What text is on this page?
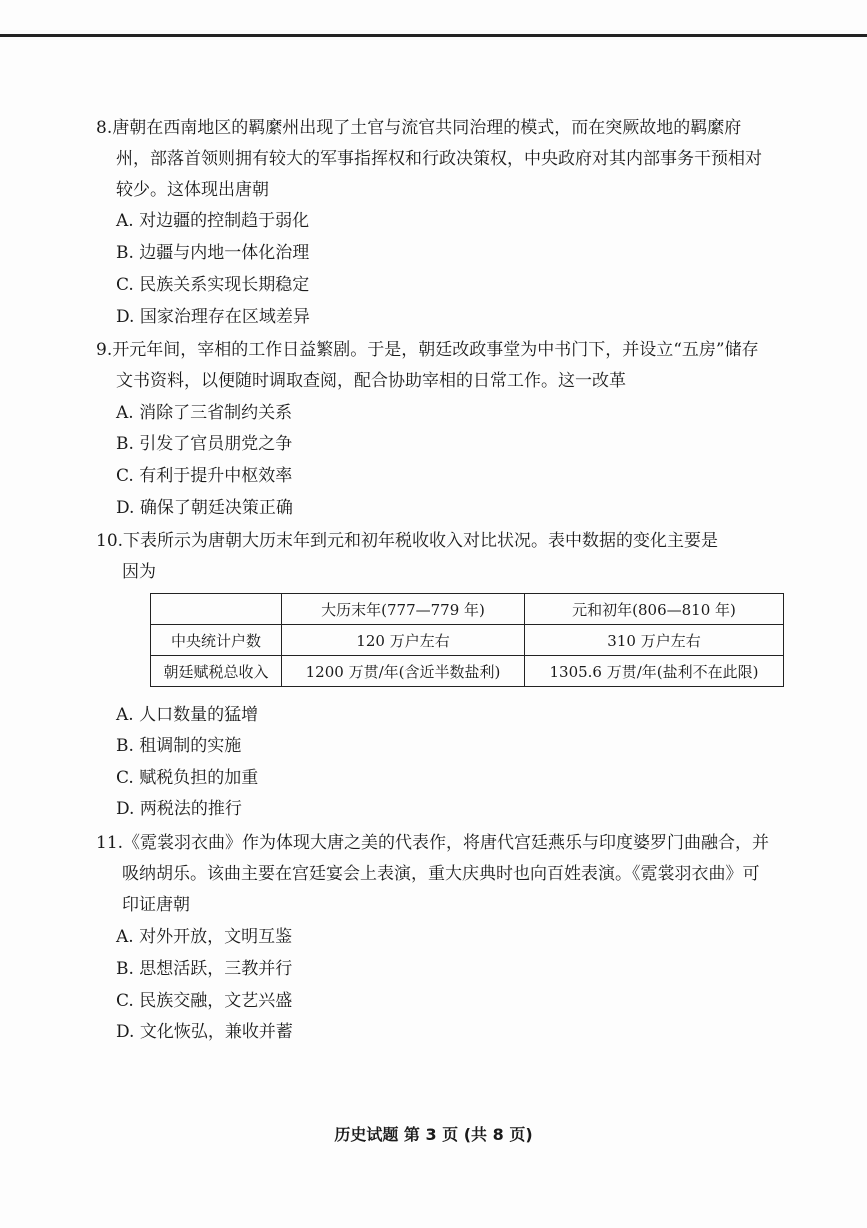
8.唐朝在西南地区的羁縻州出现了土官与流官共同治理的模式，而在突厥故地的羁縻府
州，部落首领则拥有较大的军事指挥权和行政决策权，中央政府对其内部事务干预相对
较少。这体现出唐朝
A. 对边疆的控制趋于弱化
B. 边疆与内地一体化治理
C. 民族关系实现长期稳定
D. 国家治理存在区域差异
9.开元年间，宰相的工作日益繁剧。于是，朝廷改政事堂为中书门下，并设立“五房”储存
文书资料，以便随时调取查阅，配合协助宰相的日常工作。这一改革
A. 消除了三省制约关系
B. 引发了官员朋党之争
C. 有利于提升中枢效率
D. 确保了朝廷决策正确
10.下表所示为唐朝大历末年到元和初年税收收入对比状况。表中数据的变化主要是
因为
	大历末年(777—779 年)	元和初年(806—810 年)
中央统计户数	120 万户左右	310 万户左右
朝廷赋税总收入	1200 万贯/年(含近半数盐利)	1305.6 万贯/年(盐利不在此限)
A. 人口数量的猛增
B. 租调制的实施
C. 赋税负担的加重
D. 两税法的推行
11.《霓裳羽衣曲》作为体现大唐之美的代表作，将唐代宫廷燕乐与印度婆罗门曲融合，并
吸纳胡乐。该曲主要在宫廷宴会上表演，重大庆典时也向百姓表演。《霓裳羽衣曲》可
印证唐朝
A. 对外开放，文明互鉴
B. 思想活跃，三教并行
C. 民族交融，文艺兴盛
D. 文化恢弘，兼收并蓄
历史试题 第 3 页 (共 8 页)
